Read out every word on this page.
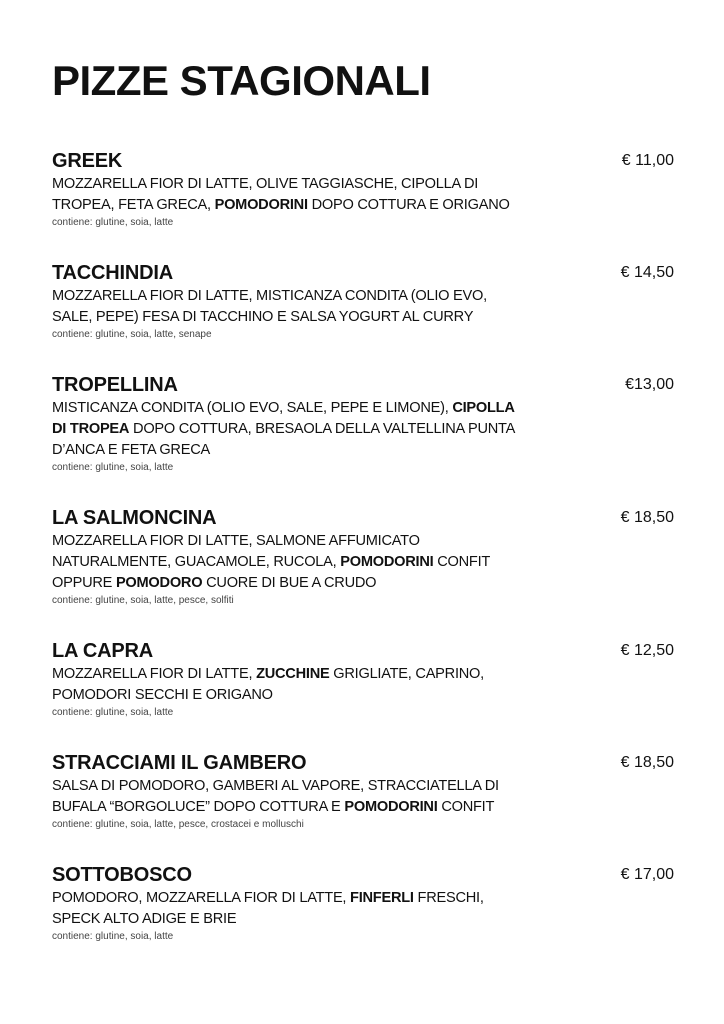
PIZZE STAGIONALI
GREEK	€ 11,00
MOZZARELLA FIOR DI LATTE, OLIVE TAGGIASCHE, CIPOLLA DI
TROPEA, FETA GRECA, POMODORINI DOPO COTTURA E ORIGANO
contiene: glutine, soia, latte
TACCHINDIA	€ 14,50
MOZZARELLA FIOR DI LATTE, MISTICANZA CONDITA (OLIO EVO,
SALE, PEPE) FESA DI TACCHINO E SALSA YOGURT AL CURRY
contiene: glutine, soia, latte, senape
TROPELLINA	€13,00
MISTICANZA CONDITA (OLIO EVO, SALE, PEPE E LIMONE), CIPOLLA
DI TROPEA DOPO COTTURA, BRESAOLA DELLA VALTELLINA PUNTA
D’ANCA E FETA GRECA
contiene: glutine, soia, latte
LA SALMONCINA	€ 18,50
MOZZARELLA FIOR DI LATTE, SALMONE AFFUMICATO
NATURALMENTE, GUACAMOLE, RUCOLA, POMODORINI CONFIT
OPPURE POMODORO CUORE DI BUE A CRUDO
contiene: glutine, soia, latte, pesce, solfiti
LA CAPRA	€ 12,50
MOZZARELLA FIOR DI LATTE, ZUCCHINE GRIGLIATE, CAPRINO,
POMODORI SECCHI E ORIGANO
contiene: glutine, soia, latte
STRACCIAMI IL GAMBERO	€ 18,50
SALSA DI POMODORO, GAMBERI AL VAPORE, STRACCIATELLA DI
BUFALA “BORGOLUCE” DOPO COTTURA E POMODORINI CONFIT
contiene: glutine, soia, latte, pesce, crostacei e molluschi
SOTTOBOSCO	€ 17,00
POMODORO, MOZZARELLA FIOR DI LATTE, FINFERLI FRESCHI,
SPECK ALTO ADIGE E BRIE
contiene: glutine, soia, latte
